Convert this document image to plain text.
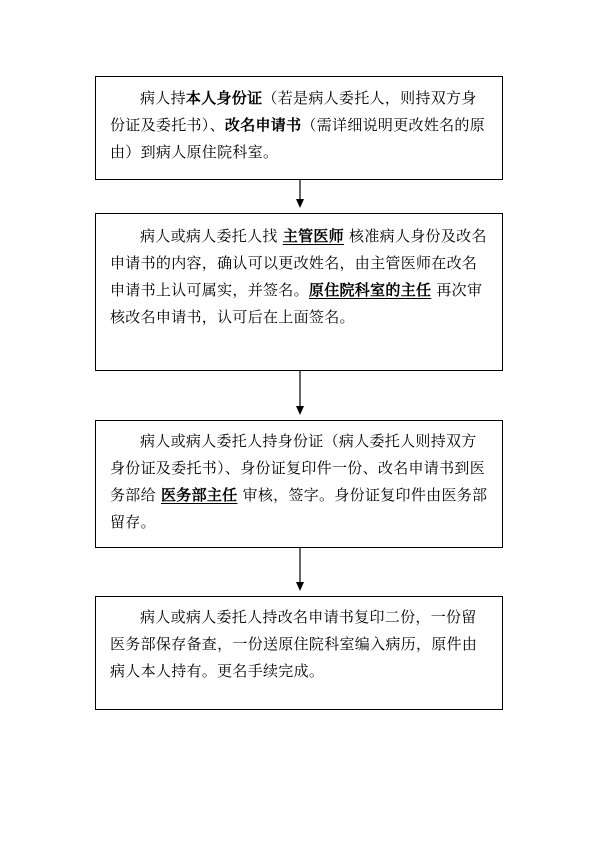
病人持本人身份证（若是病人委托人，则持双方身份证及委托书）、改名申请书（需详细说明更改姓名的原由）到病人原住院科室。

病人或病人委托人找 主管医师 核准病人身份及改名申请书的内容，确认可以更改姓名，由主管医师在改名申请书上认可属实，并签名。原住院科室的主任 再次审核改名申请书，认可后在上面签名。

病人或病人委托人持身份证（病人委托人则持双方身份证及委托书）、身份证复印件一份、改名申请书到医务部给 医务部主任 审核，签字。身份证复印件由医务部留存。

病人或病人委托人持改名申请书复印二份，一份留医务部保存备查，一份送原住院科室编入病历，原件由病人本人持有。更名手续完成。
